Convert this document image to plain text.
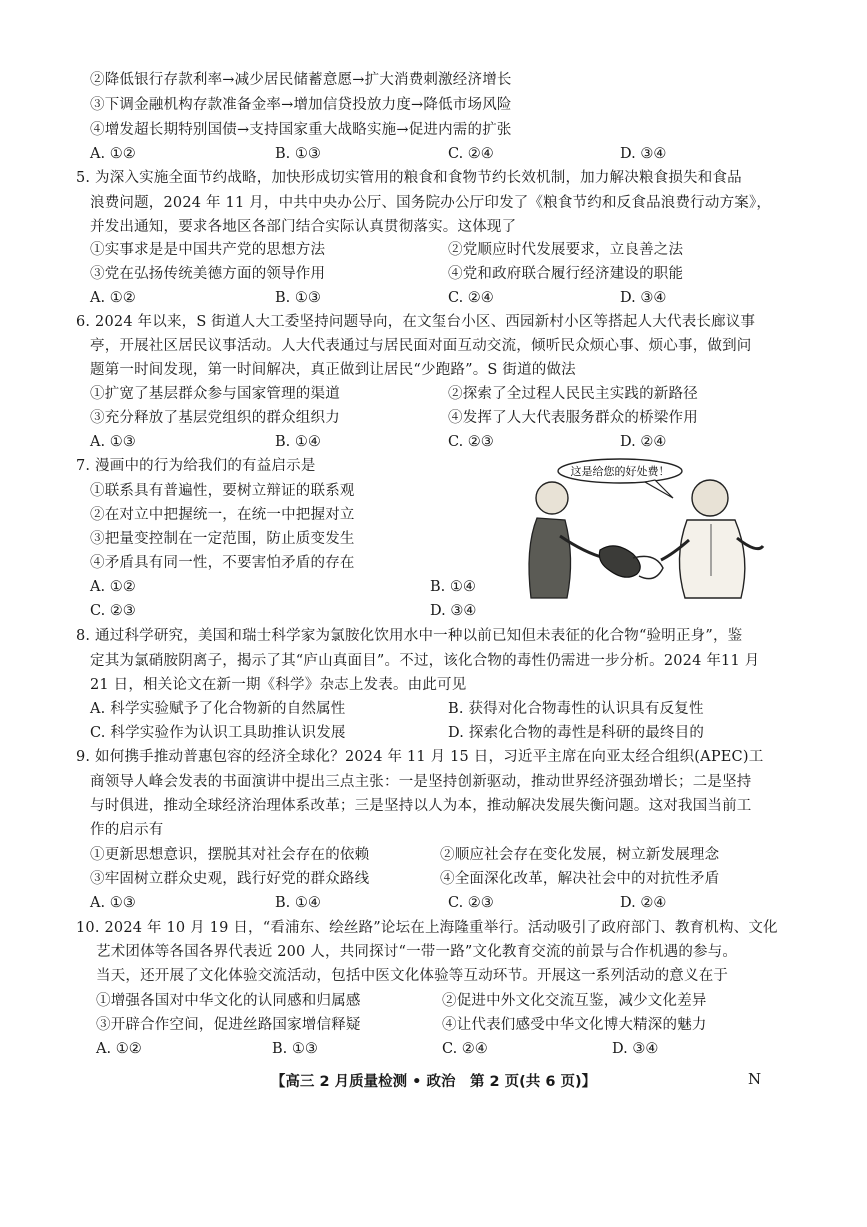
②降低银行存款利率→减少居民储蓄意愿→扩大消费刺激经济增长
③下调金融机构存款准备金率→增加信贷投放力度→降低市场风险
④增发超长期特别国债→支持国家重大战略实施→促进内需的扩张
A. ①②	B. ①③	C. ②④	D. ③④
5. 为深入实施全面节约战略，加快形成切实管用的粮食和食物节约长效机制，加力解决粮食损失和食品
浪费问题，2024 年 11 月，中共中央办公厅、国务院办公厅印发了《粮食节约和反食品浪费行动方案》，
并发出通知，要求各地区各部门结合实际认真贯彻落实。这体现了
①实事求是是中国共产党的思想方法	②党顺应时代发展要求，立良善之法
③党在弘扬传统美德方面的领导作用	④党和政府联合履行经济建设的职能
A. ①②	B. ①③	C. ②④	D. ③④
6. 2024 年以来，S 街道人大工委坚持问题导向，在文玺台小区、西园新村小区等搭起人大代表长廊议事
亭，开展社区居民议事活动。人大代表通过与居民面对面互动交流，倾听民众烦心事、烦心事，做到问
题第一时间发现，第一时间解决，真正做到让居民“少跑路”。S 街道的做法
①扩宽了基层群众参与国家管理的渠道	②探索了全过程人民民主实践的新路径
③充分释放了基层党组织的群众组织力	④发挥了人大代表服务群众的桥梁作用
A. ①③	B. ①④	C. ②③	D. ②④
7. 漫画中的行为给我们的有益启示是
①联系具有普遍性，要树立辩证的联系观
②在对立中把握统一，在统一中把握对立
③把量变控制在一定范围，防止质变发生
④矛盾具有同一性，不要害怕矛盾的存在
A. ①②	B. ①④
C. ②③	D. ③④
这是给您的好处费！
8. 通过科学研究，美国和瑞士科学家为氯胺化饮用水中一种以前已知但未表征的化合物“验明正身”，鉴
定其为氯硝胺阴离子，揭示了其“庐山真面目”。不过，该化合物的毒性仍需进一步分析。2024 年11 月
21 日，相关论文在新一期《科学》杂志上发表。由此可见
A. 科学实验赋予了化合物新的自然属性	B. 获得对化合物毒性的认识具有反复性
C. 科学实验作为认识工具助推认识发展	D. 探索化合物的毒性是科研的最终目的
9. 如何携手推动普惠包容的经济全球化？2024 年 11 月 15 日，习近平主席在向亚太经合组织(APEC)工
商领导人峰会发表的书面演讲中提出三点主张：一是坚持创新驱动，推动世界经济强劲增长；二是坚持
与时俱进，推动全球经济治理体系改革；三是坚持以人为本，推动解决发展失衡问题。这对我国当前工
作的启示有
①更新思想意识，摆脱其对社会存在的依赖	②顺应社会存在变化发展，树立新发展理念
③牢固树立群众史观，践行好党的群众路线	④全面深化改革，解决社会中的对抗性矛盾
A. ①③	B. ①④	C. ②③	D. ②④
10. 2024 年 10 月 19 日，“看浦东、绘丝路”论坛在上海隆重举行。活动吸引了政府部门、教育机构、文化
艺术团体等各国各界代表近 200 人，共同探讨“一带一路”文化教育交流的前景与合作机遇的参与。
当天，还开展了文化体验交流活动，包括中医文化体验等互动环节。开展这一系列活动的意义在于
①增强各国对中华文化的认同感和归属感	②促进中外文化交流互鉴，减少文化差异
③开辟合作空间，促进丝路国家增信释疑	④让代表们感受中华文化博大精深的魅力
A. ①②	B. ①③	C. ②④	D. ③④
【高三 2 月质量检测 • 政治　第 2 页(共 6 页)】	N
